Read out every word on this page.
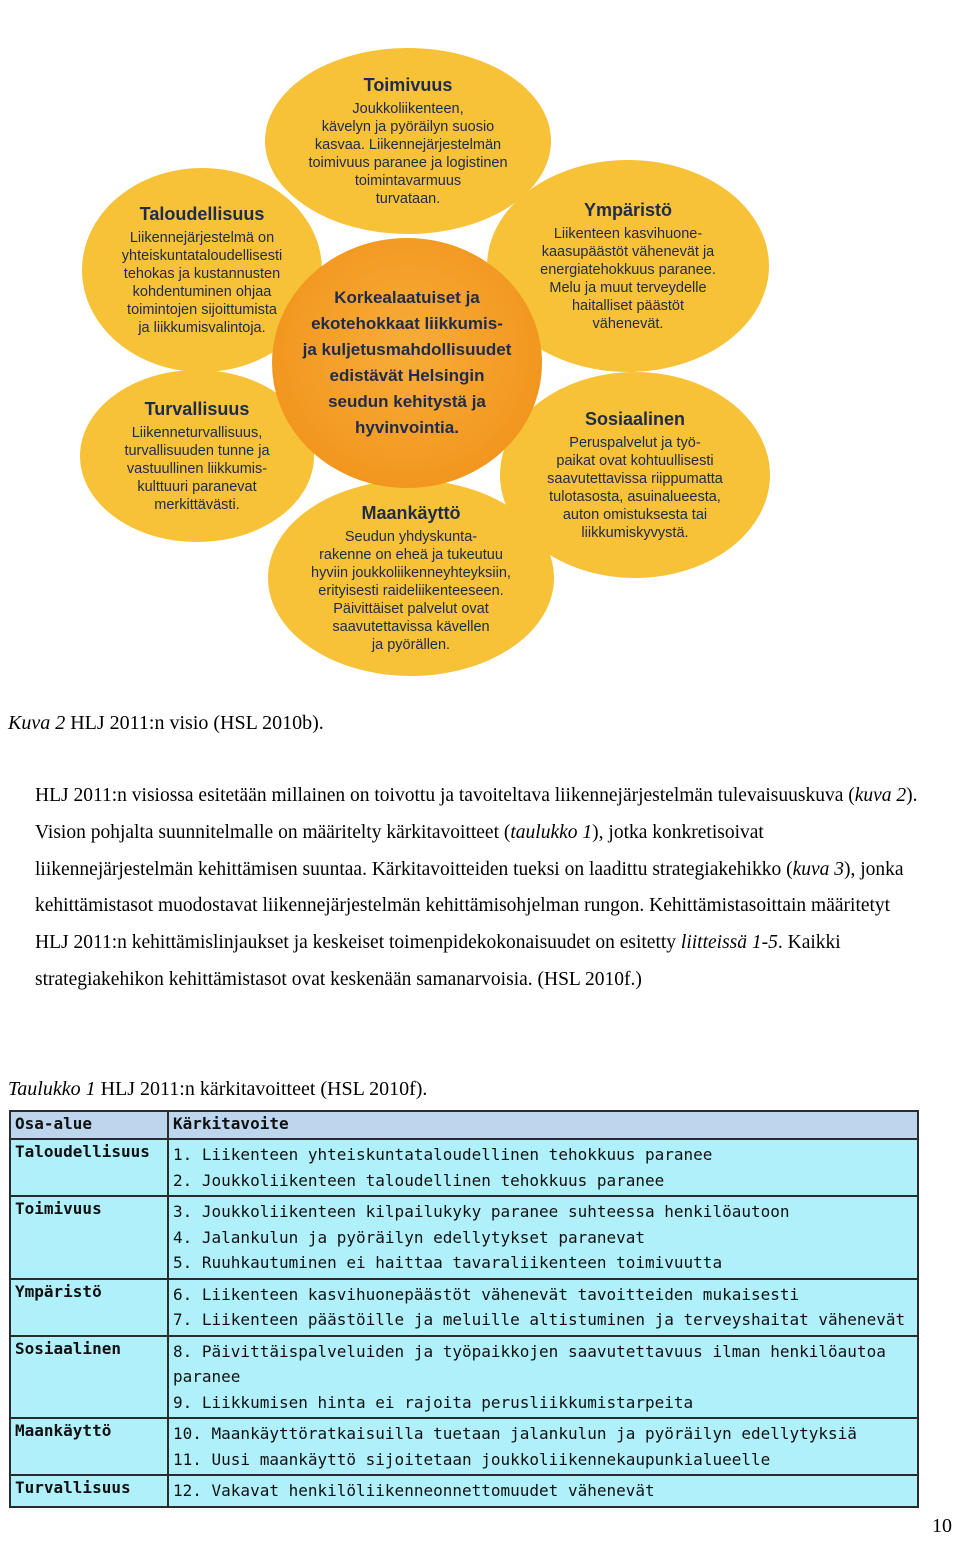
Toimivuus
Joukkoliikenteen,
kävelyn ja pyöräilyn suosio
kasvaa. Liikennejärjestelmän
toimivuus paranee ja logistinen
toimintavarmuus
turvataan.
Ympäristö
Liikenteen kasvihuone-
kaasupäästöt vähenevät ja
energiatehokkuus paranee.
Melu ja muut terveydelle
haitalliset päästöt
vähenevät.
Sosiaalinen
Peruspalvelut ja työ-
paikat ovat kohtuullisesti
saavutettavissa riippumatta
tulotasosta, asuinalueesta,
auton omistuksesta tai
liikkumiskyvystä.
Maankäyttö
Seudun yhdyskunta-
rakenne on eheä ja tukeutuu
hyviin joukkoliikenneyhteyksiin,
erityisesti raideliikenteeseen.
Päivittäiset palvelut ovat
saavutettavissa kävellen
ja pyörällen.
Turvallisuus
Liikenneturvallisuus,
turvallisuuden tunne ja
vastuullinen liikkumis-
kulttuuri paranevat
merkittävästi.
Taloudellisuus
Liikennejärjestelmä on
yhteiskuntataloudellisesti
tehokas ja kustannusten
kohdentuminen ohjaa
toimintojen sijoittumista
ja liikkumisvalintoja.
Korkealaatuiset ja
ekotehokkaat liikkumis-
ja kuljetusmahdollisuudet
edistävät Helsingin
seudun kehitystä ja
hyvinvointia.
Kuva 2 HLJ 2011:n visio (HSL 2010b).
HLJ 2011:n visiossa esitetään millainen on toivottu ja tavoiteltava liikennejärjestelmän tulevaisuuskuva (kuva 2). Vision pohjalta suunnitelmalle on määritelty kärkitavoitteet (taulukko 1), jotka konkretisoivat liikennejärjestelmän kehittämisen suuntaa. Kärkitavoitteiden tueksi on laadittu strategiakehikko (kuva 3), jonka kehittämistasot muodostavat liikennejärjestelmän kehittämisohjelman rungon. Kehittämistasoittain määritetyt HLJ 2011:n kehittämislinjaukset ja keskeiset toimenpidekokonaisuudet on esitetty liitteissä 1-5. Kaikki strategiakehikon kehittämistasot ovat keskenään samanarvoisia. (HSL 2010f.)
Taulukko 1 HLJ 2011:n kärkitavoitteet (HSL 2010f).
Osa-alue	Kärkitavoite
Taloudellisuus	1. Liikenteen yhteiskuntataloudellinen tehokkuus paranee
2. Joukkoliikenteen taloudellinen tehokkuus paranee

Toimivuus	3. Joukkoliikenteen kilpailukyky paranee suhteessa henkilöautoon
4. Jalankulun ja pyöräilyn edellytykset paranevat
5. Ruuhkautuminen ei haittaa tavaraliikenteen toimivuutta

Ympäristö	6. Liikenteen kasvihuonepäästöt vähenevät tavoitteiden mukaisesti
7. Liikenteen päästöille ja meluille altistuminen ja terveyshaitat vähenevät

Sosiaalinen	8. Päivittäispalveluiden ja työpaikkojen saavutettavuus ilman henkilöautoa paranee
9. Liikkumisen hinta ei rajoita perusliikkumistarpeita

Maankäyttö	10. Maankäyttöratkaisuilla tuetaan jalankulun ja pyöräilyn edellytyksiä
11. Uusi maankäyttö sijoitetaan joukkoliikennekaupunkialueelle

Turvallisuus	12. Vakavat henkilöliikenneonnettomuudet vähenevät
10
